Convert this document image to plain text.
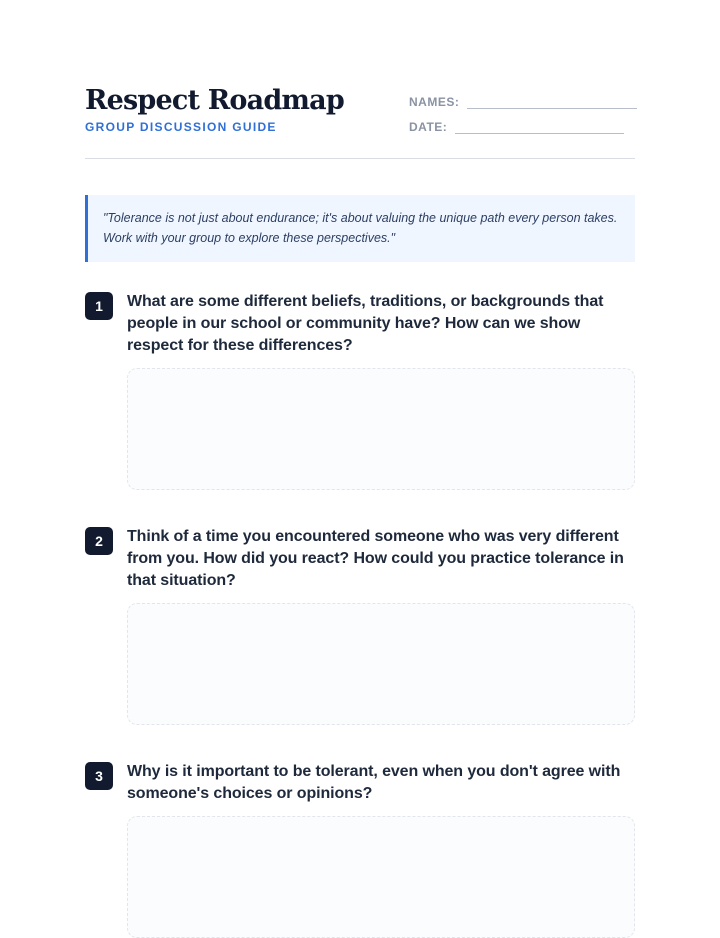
Respect Roadmap
GROUP DISCUSSION GUIDE
NAMES:
DATE:
"Tolerance is not just about endurance; it's about valuing the unique path every person takes. Work with your group to explore these perspectives."
1	What are some different beliefs, traditions, or backgrounds that people in our school or community have? How can we show respect for these differences?
2	Think of a time you encountered someone who was very different from you. How did you react? How could you practice tolerance in that situation?
3	Why is it important to be tolerant, even when you don't agree with someone's choices or opinions?
